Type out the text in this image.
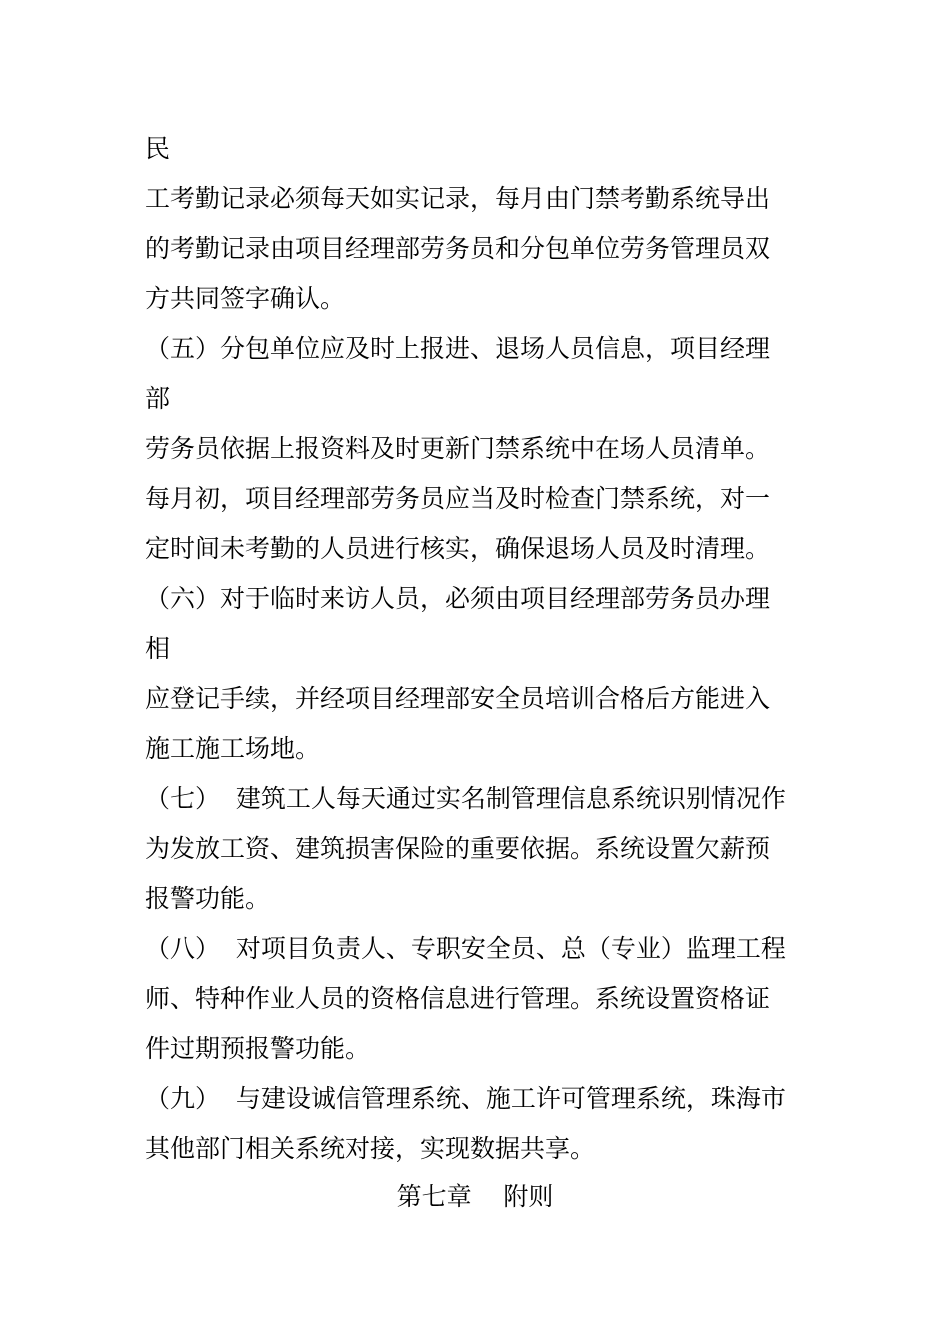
民
工考勤记录必须每天如实记录，每月由门禁考勤系统导出
的考勤记录由项目经理部劳务员和分包单位劳务管理员双
方共同签字确认。
（五）分包单位应及时上报进、退场人员信息，项目经理
部
劳务员依据上报资料及时更新门禁系统中在场人员清单。
每月初，项目经理部劳务员应当及时检查门禁系统，对一
定时间未考勤的人员进行核实，确保退场人员及时清理。
（六）对于临时来访人员，必须由项目经理部劳务员办理
相
应登记手续，并经项目经理部安全员培训合格后方能进入
施工施工场地。
（七）  建筑工人每天通过实名制管理信息系统识别情况作
为发放工资、建筑损害保险的重要依据。系统设置欠薪预
报警功能。
（八）  对项目负责人、专职安全员、总（专业）监理工程
师、特种作业人员的资格信息进行管理。系统设置资格证
件过期预报警功能。
（九）  与建设诚信管理系统、施工许可管理系统，珠海市
其他部门相关系统对接，实现数据共享。
第七章    附则
